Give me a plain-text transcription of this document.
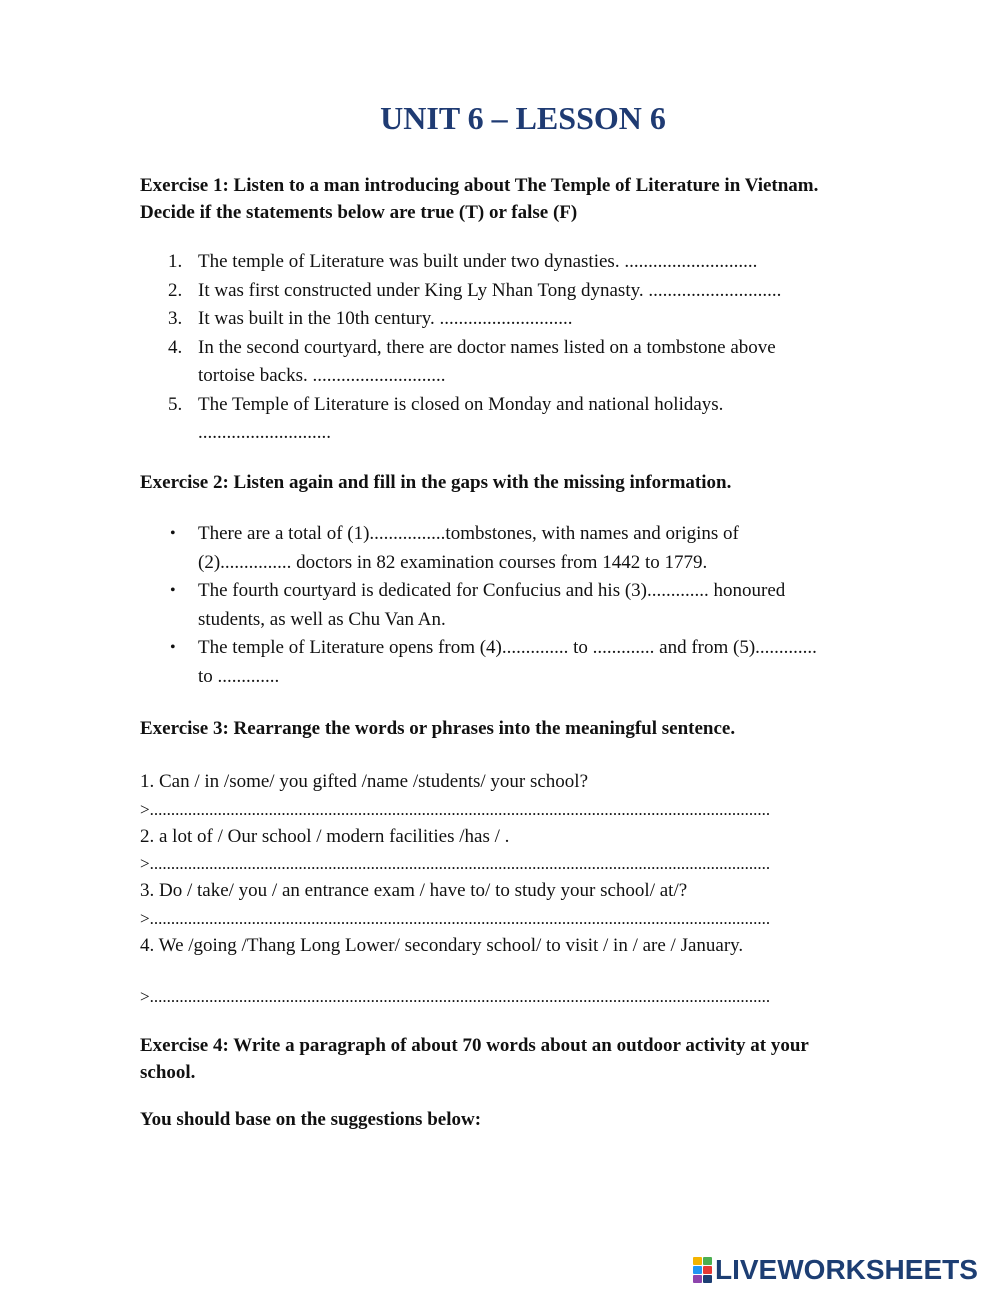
UNIT 6 – LESSON 6
Exercise 1: Listen to a man introducing about The Temple of Literature in Vietnam.
Decide if the statements below are true (T) or false (F)
1. The temple of Literature was built under two dynasties. ............................
2. It was first constructed under King Ly Nhan Tong dynasty. ............................
3. It was built in the 10th century. ............................
4. In the second courtyard, there are doctor names listed on a tombstone above
tortoise backs. ............................
5. The Temple of Literature is closed on Monday and national holidays.
............................
Exercise 2: Listen again and fill in the gaps with the missing information.
• There are a total of (1)................tombstones, with names and origins of
(2)............... doctors in 82 examination courses from 1442 to 1779.
• The fourth courtyard is dedicated for Confucius and his (3)............. honoured
students, as well as Chu Van An.
• The temple of Literature opens from (4).............. to ............. and from (5).............
to .............
Exercise 3: Rearrange the words or phrases into the meaningful sentence.
1. Can / in /some/ you gifted /name /students/ your school?
>..................................................................................................................................................
2. a lot of / Our school / modern facilities /has / .
>..................................................................................................................................................
3. Do / take/ you / an entrance exam / have to/ to study your school/ at/?
>..................................................................................................................................................
4. We /going /Thang Long Lower/ secondary school/ to visit / in / are / January.
>..................................................................................................................................................
Exercise 4: Write a paragraph of about 70 words about an outdoor activity at your
school.
You should base on the suggestions below:
LIVEWORKSHEETS
